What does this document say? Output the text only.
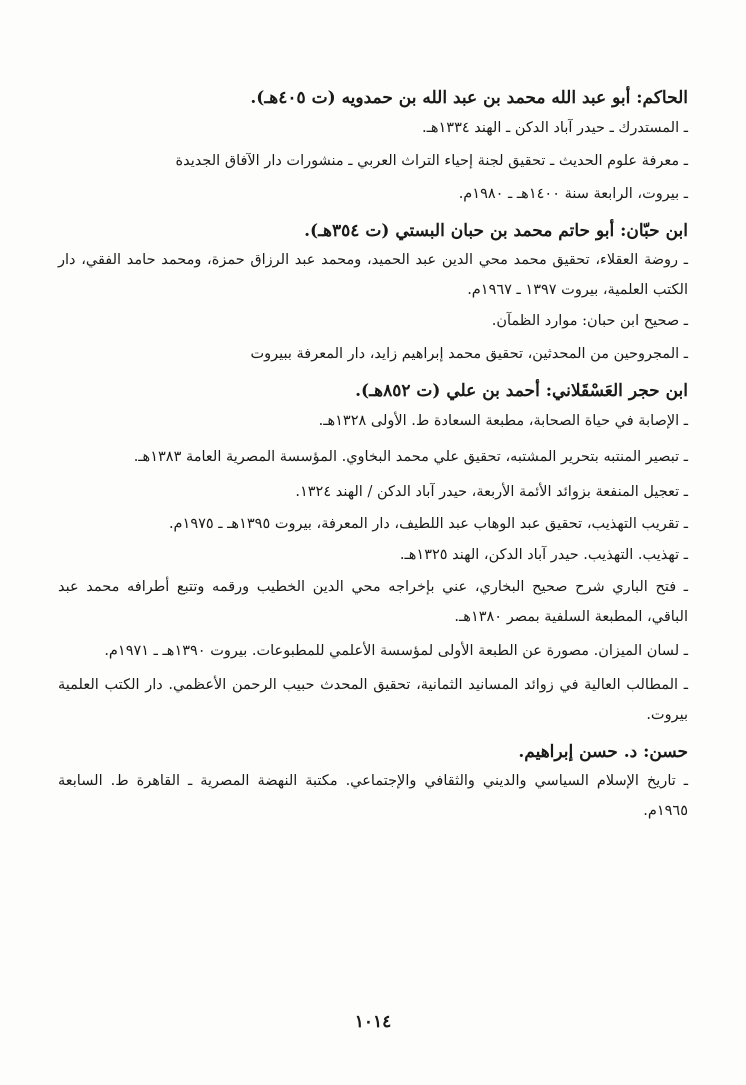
الحاكم: أبو عبد الله محمد بن عبد الله بن حمدويه (ت ٤٠٥هـ).
ـ المستدرك ـ حيدر آباد الدكن ـ الهند ١٣٣٤هـ.
ـ معرفة علوم الحديث ـ تحقيق لجنة إحياء التراث العربي ـ منشورات دار الآفاق الجديدة
ـ بيروت، الرابعة سنة ١٤٠٠هـ ـ ١٩٨٠م.
ابن حبّان: أبو حاتم محمد بن حبان البستي (ت ٣٥٤هـ).
ـ روضة العقلاء، تحقيق محمد محي الدين عبد الحميد، ومحمد عبد الرزاق حمزة، ومحمد حامد الفقي، دار الكتب العلمية، بيروت ١٣٩٧ ـ ١٩٦٧م.
ـ صحيح ابن حبان: موارد الظمآن.
ـ المجروحين من المحدثين، تحقيق محمد إبراهيم زايد، دار المعرفة ببيروت
ابن حجر العَسْقَلاني: أحمد بن علي (ت ٨٥٢هـ).
ـ الإصابة في حياة الصحابة، مطبعة السعادة ط. الأولى ١٣٢٨هـ.
ـ تبصير المنتبه بتحرير المشتبه، تحقيق علي محمد البخاوي. المؤسسة المصرية العامة ١٣٨٣هـ.
ـ تعجيل المنفعة بزوائد الأئمة الأربعة، حيدر آباد الدكن / الهند ١٣٢٤.
ـ تقريب التهذيب، تحقيق عبد الوهاب عبد اللطيف، دار المعرفة، بيروت ١٣٩٥هـ ـ ١٩٧٥م.
ـ تهذيب. التهذيب. حيدر آباد الدكن، الهند ١٣٢٥هـ.
ـ فتح الباري شرح صحيح البخاري، عني بإخراجه محي الدين الخطيب ورقمه وتتبع أطرافه محمد عبد الباقي، المطبعة السلفية بمصر ١٣٨٠هـ.
ـ لسان الميزان. مصورة عن الطبعة الأولى لمؤسسة الأعلمي للمطبوعات. بيروت ١٣٩٠هـ ـ ١٩٧١م.
ـ المطالب العالية في زوائد المسانيد الثمانية، تحقيق المحدث حبيب الرحمن الأعظمي. دار الكتب العلمية بيروت.
حسن: د. حسن إبراهيم.
ـ تاريخ الإسلام السياسي والديني والثقافي والإجتماعي. مكتبة النهضة المصرية ـ القاهرة ط. السابعة ١٩٦٥م.
١٠١٤
